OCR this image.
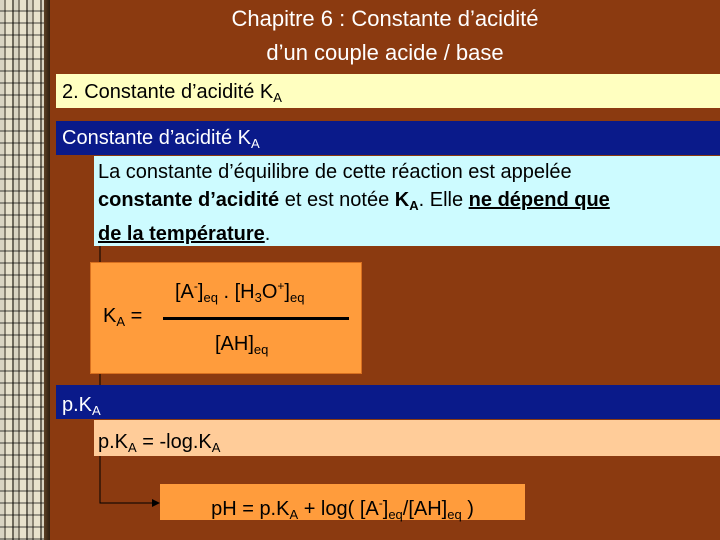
Chapitre 6 : Constante d’acidité
d’un couple acide / base
2. Constante d’acidité $K_A$
Constante d’acidité $K_A$
La constante d’équilibre de cette réaction est appelée
constante d’acidité et est notée $K_A$. Elle ne dépend que
de la température.
$[A^-]_{eq}$ . $[H_3O^+]_{eq}$
$K_A$ =
$[AH]_{eq}$
$p.K_A$
$p.K_A = -\log.K_A$
pH = $p.K_A + \log$( $[A^-]_{eq}/[AH]_{eq}$ )
